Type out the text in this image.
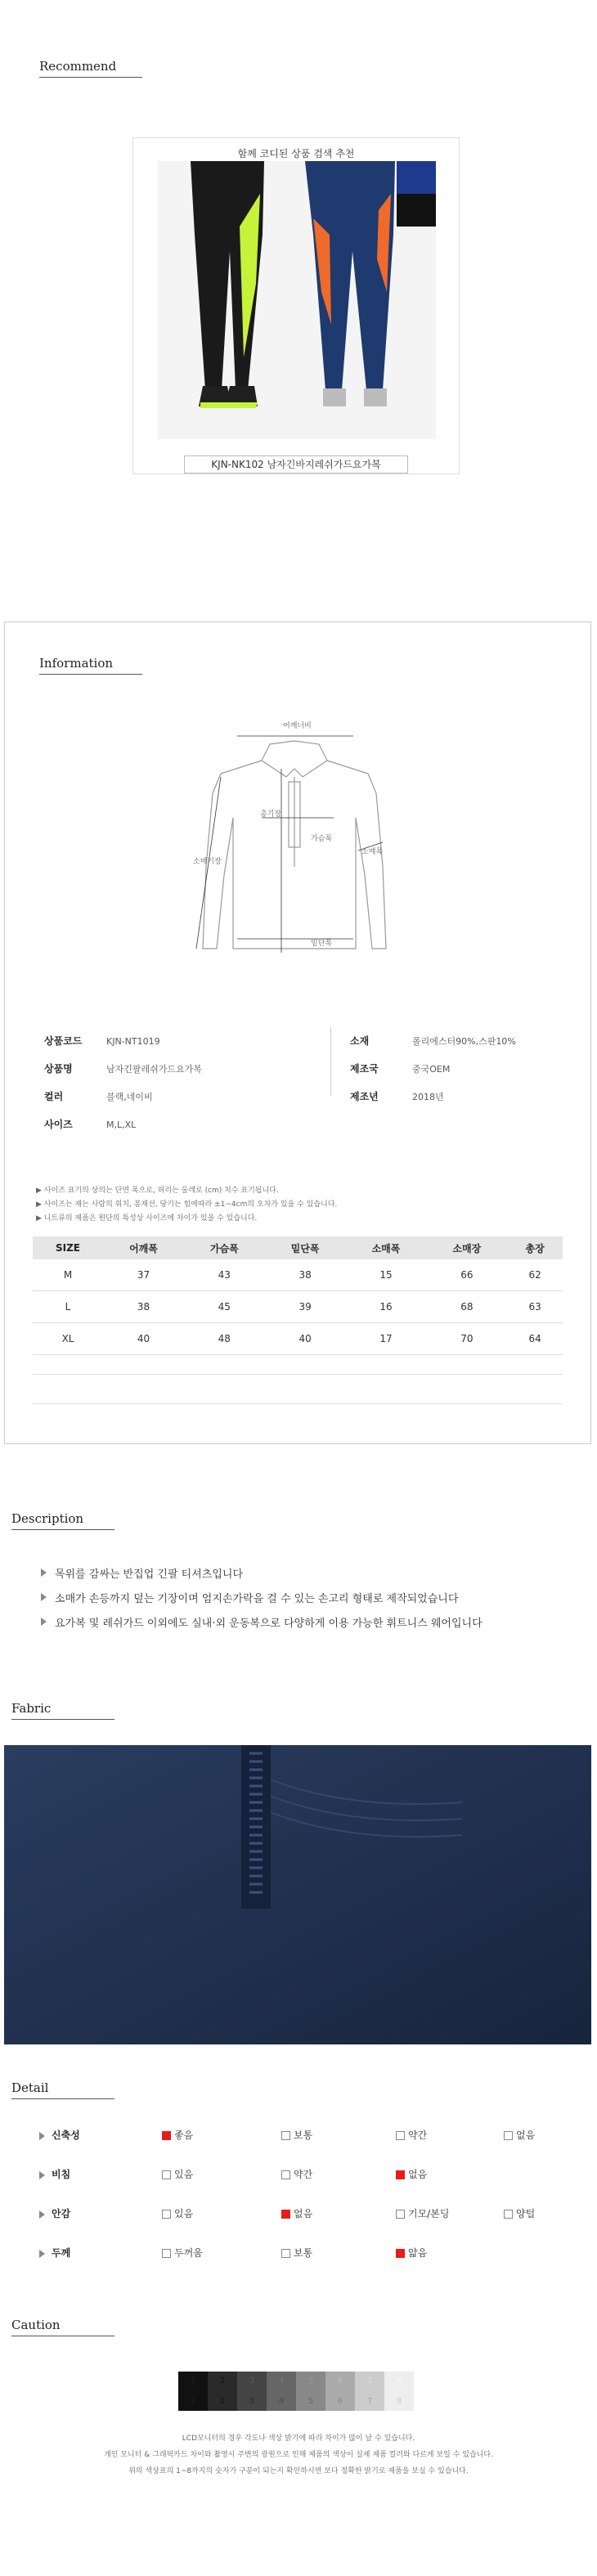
Recommend
함께 코디된 상품 검색 추천
KJN-NK102 남자긴바지레쉬가드요가복
Information
어깨너비
총기장
소매기장
가슴폭
소매폭
밑단폭
상품코드	KJN-NT1019
상품명	남자긴팔레쉬가드요가복
컬러	블랙,네이비
사이즈	M,L,XL
소재	폴리에스터90%,스판10%
제조국	중국OEM
제조년	2018년
▶ 사이즈 표기의 상의는 단면 폭으로, 허리는 둘레로 (cm) 치수 표기됩니다.
▶ 사이즈는 재는 사람의 위치, 봉재선, 당기는 힘에따라 ±1~4cm의 오차가 있을 수 있습니다.
▶ 니트류의 제품은 원단의 특성상 사이즈에 차이가 있을 수 있습니다.
SIZE	어깨폭	가슴폭	밑단폭	소매폭	소매장	총장
M	37	43	38	15	66	62
L	38	45	39	16	68	63
XL	40	48	40	17	70	64
Description
목위를 감싸는 반집업 긴팔 티셔츠입니다
소매가 손등까지 덮는 기장이며 엄지손가락을 걸 수 있는 손고리 형태로 제작되었습니다
요가복 및 레쉬가드 이외에도 실내·외 운동복으로 다양하게 이용 가능한 휘트니스 웨어입니다
Fabric
Detail
신축성	좋음	보통	약간	없음
비침	있음	약간	없음
안감	있음	없음	기모/본딩	양털
두께	두꺼움	보통	얇음
Caution
1
1
2
2
3
3
4
4
5
5
6
6
7
7
8
8
LCD모니터의 경우 각도나 색상 밝기에 따라 차이가 많이 날 수 있습니다.
개인 모니터 & 그래픽카드 차이와 촬영시 주변의 광원으로 인해 제품의 색상이 실제 제품 컬러와 다르게 보일 수 있습니다.
위의 색상표의 1~8까지의 숫자가 구분이 되는지 확인하시면 보다 정확한 밝기로 제품을 보실 수 있습니다.
